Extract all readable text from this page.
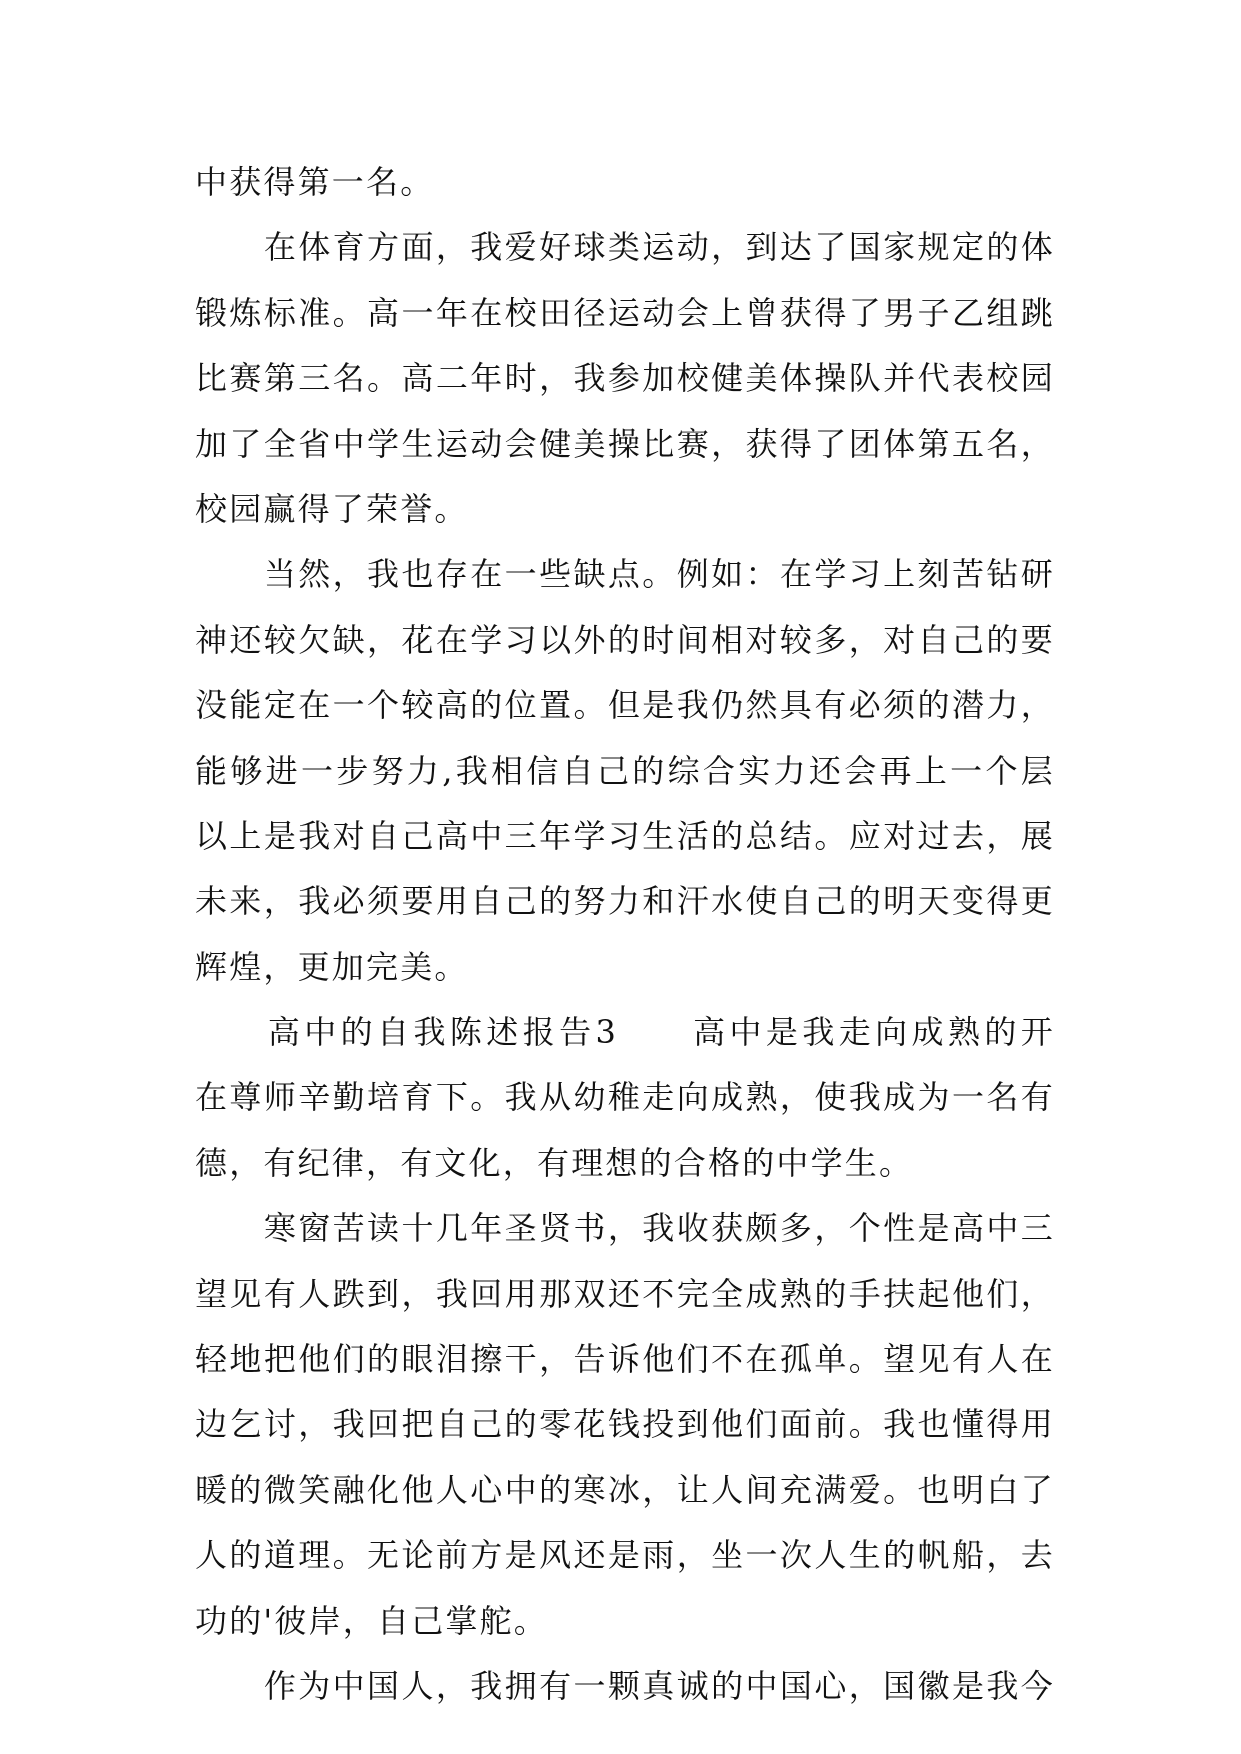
中获得第一名。
　　在体育方面，我爱好球类运动，到达了国家规定的体
锻炼标准。高一年在校田径运动会上曾获得了男子乙组跳
比赛第三名。高二年时，我参加校健美体操队并代表校园
加了全省中学生运动会健美操比赛，获得了团体第五名，
校园赢得了荣誉。
　　当然，我也存在一些缺点。例如：在学习上刻苦钻研
神还较欠缺，花在学习以外的时间相对较多，对自己的要
没能定在一个较高的位置。但是我仍然具有必须的潜力，
能够进一步努力,我相信自己的综合实力还会再上一个层
以上是我对自己高中三年学习生活的总结。应对过去，展
未来，我必须要用自己的努力和汗水使自己的明天变得更
辉煌，更加完美。
　　高中的自我陈述报告3　　高中是我走向成熟的开
在尊师辛勤培育下。我从幼稚走向成熟，使我成为一名有
德，有纪律，有文化，有理想的合格的中学生。
　　寒窗苦读十几年圣贤书，我收获颇多，个性是高中三
望见有人跌到，我回用那双还不完全成熟的手扶起他们，
轻地把他们的眼泪擦干，告诉他们不在孤单。望见有人在
边乞讨，我回把自己的零花钱投到他们面前。我也懂得用
暖的微笑融化他人心中的寒冰，让人间充满爱。也明白了
人的道理。无论前方是风还是雨，坐一次人生的帆船，去
功的'彼岸，自己掌舵。
　　作为中国人，我拥有一颗真诚的中国心，国徽是我今
